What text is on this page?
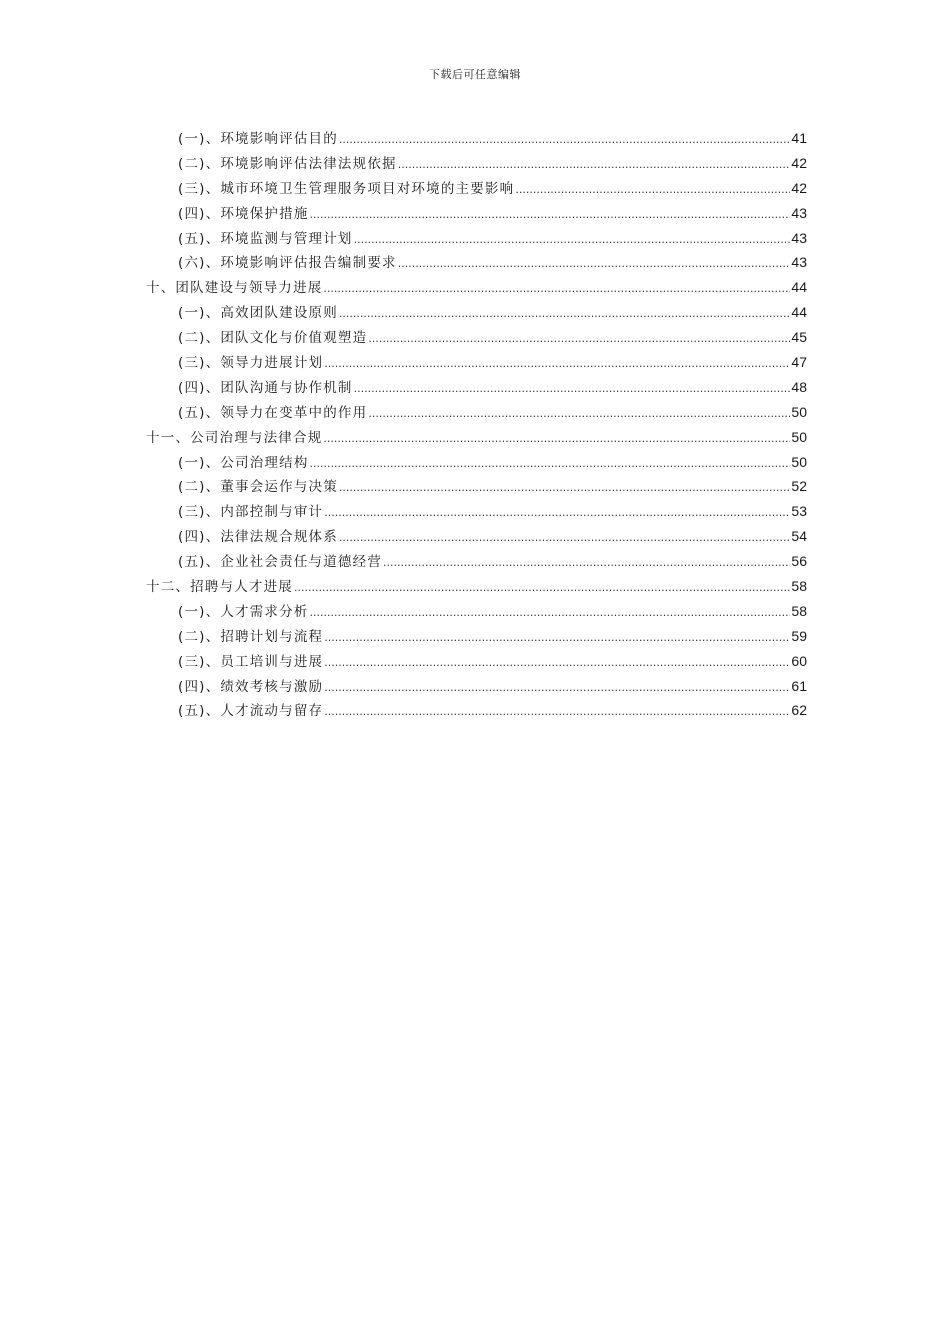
下载后可任意编辑
(一)、环境影响评估目的 .....	41
(二)、环境影响评估法律法规依据 .....	42
(三)、城市环境卫生管理服务项目对环境的主要影响 .....	42
(四)、环境保护措施 .....	43
(五)、环境监测与管理计划 .....	43
(六)、环境影响评估报告编制要求 .....	43
十、团队建设与领导力进展 .....	44
(一)、高效团队建设原则 .....	44
(二)、团队文化与价值观塑造 .....	45
(三)、领导力进展计划 .....	47
(四)、团队沟通与协作机制 .....	48
(五)、领导力在变革中的作用 .....	50
十一、公司治理与法律合规 .....	50
(一)、公司治理结构 .....	50
(二)、董事会运作与决策 .....	52
(三)、内部控制与审计 .....	53
(四)、法律法规合规体系 .....	54
(五)、企业社会责任与道德经营 .....	56
十二、招聘与人才进展 .....	58
(一)、人才需求分析 .....	58
(二)、招聘计划与流程 .....	59
(三)、员工培训与进展 .....	60
(四)、绩效考核与激励 .....	61
(五)、人才流动与留存 .....	62
